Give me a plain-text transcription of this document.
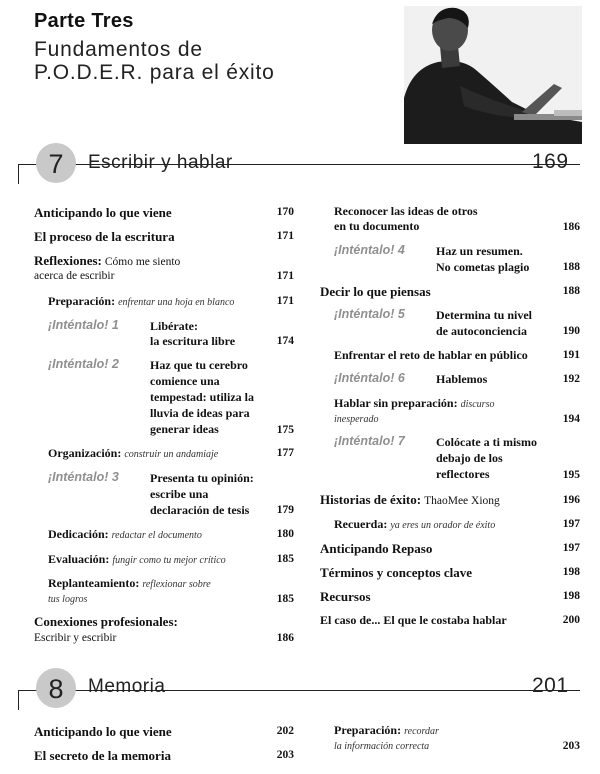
Parte Tres
Fundamentos de
P.O.D.E.R. para el éxito
7	Escribir y hablar	169
Anticipando lo que viene	170
El proceso de la escritura	171
Reflexiones: Cómo me siento
acerca de escribir	171
Preparación: enfrentar una hoja en blanco	171
¡Inténtalo! 1	Libérate:
la escritura libre	174
¡Inténtalo! 2	Haz que tu cerebro
comience una
tempestad: utiliza la
lluvia de ideas para
generar ideas	175
Organización: construir un andamiaje	177
¡Inténtalo! 3	Presenta tu opinión:
escribe una
declaración de tesis	179
Dedicación: redactar el documento	180
Evaluación: fungir como tu mejor crítico	185
Replanteamiento: reflexionar sobre
tus logros	185
Conexiones profesionales:
Escribir y escribir	186
Reconocer las ideas de otros
en tu documento	186
¡Inténtalo! 4	Haz un resumen.
No cometas plagio	188
Decir lo que piensas	188
¡Inténtalo! 5	Determina tu nivel
de autoconciencia	190
Enfrentar el reto de hablar en público	191
¡Inténtalo! 6	Hablemos	192
Hablar sin preparación: discurso
inesperado	194
¡Inténtalo! 7	Colócate a ti mismo
debajo de los
reflectores	195
Historias de éxito: ThaoMee Xiong	196
Recuerda: ya eres un orador de éxito	197
Anticipando Repaso	197
Términos y conceptos clave	198
Recursos	198
El caso de... El que le costaba hablar	200
8	Memoria	201
Anticipando lo que viene	202
El secreto de la memoria	203
Preparación: recordar
la información correcta	203
